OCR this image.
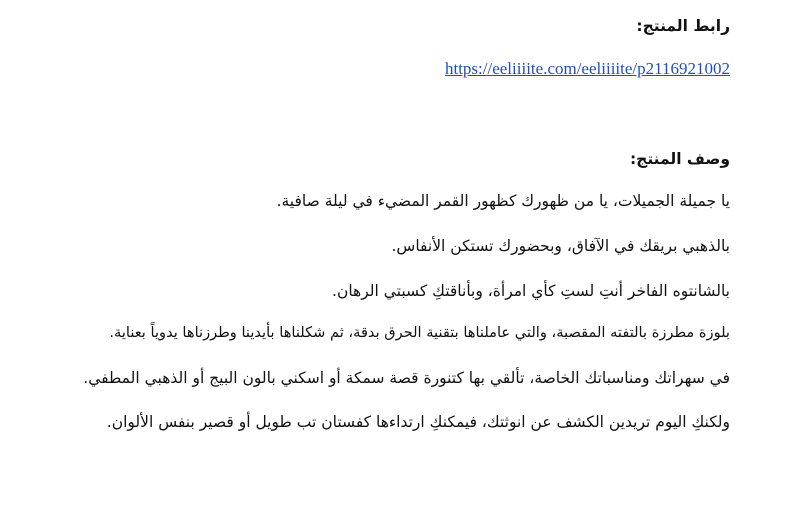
رابط المنتج:
https://eeliiiite.com/eeliiiite/p2116921002
وصف المنتج:
يا جميلة الجميلات، يا من ظهورك كظهور القمر المضيء في ليلة صافية.
بالذهبي بريقك في الآفاق، وبحضورك تستكن الأنفاس.
بالشانتوه الفاخر أنتِ لستِ كأي امرأة، وبأناقتكِ كسبتي الرهان.
بلوزة مطرزة بالتفته المقصبة، والتي عاملناها بتقنية الحرق بدقة، ثم شكلناها بأيدينا وطرزناها يدوياً بعناية.
في سهراتك ومناسباتك الخاصة، تألقي بها كتنورة قصة سمكة أو اسكني بالون البيج أو الذهبي المطفي.
ولكنكِ اليوم تريدين الكشف عن انوثتك، فيمكنكِ ارتداءها كفستان تب طويل أو قصير بنفس الألوان.
